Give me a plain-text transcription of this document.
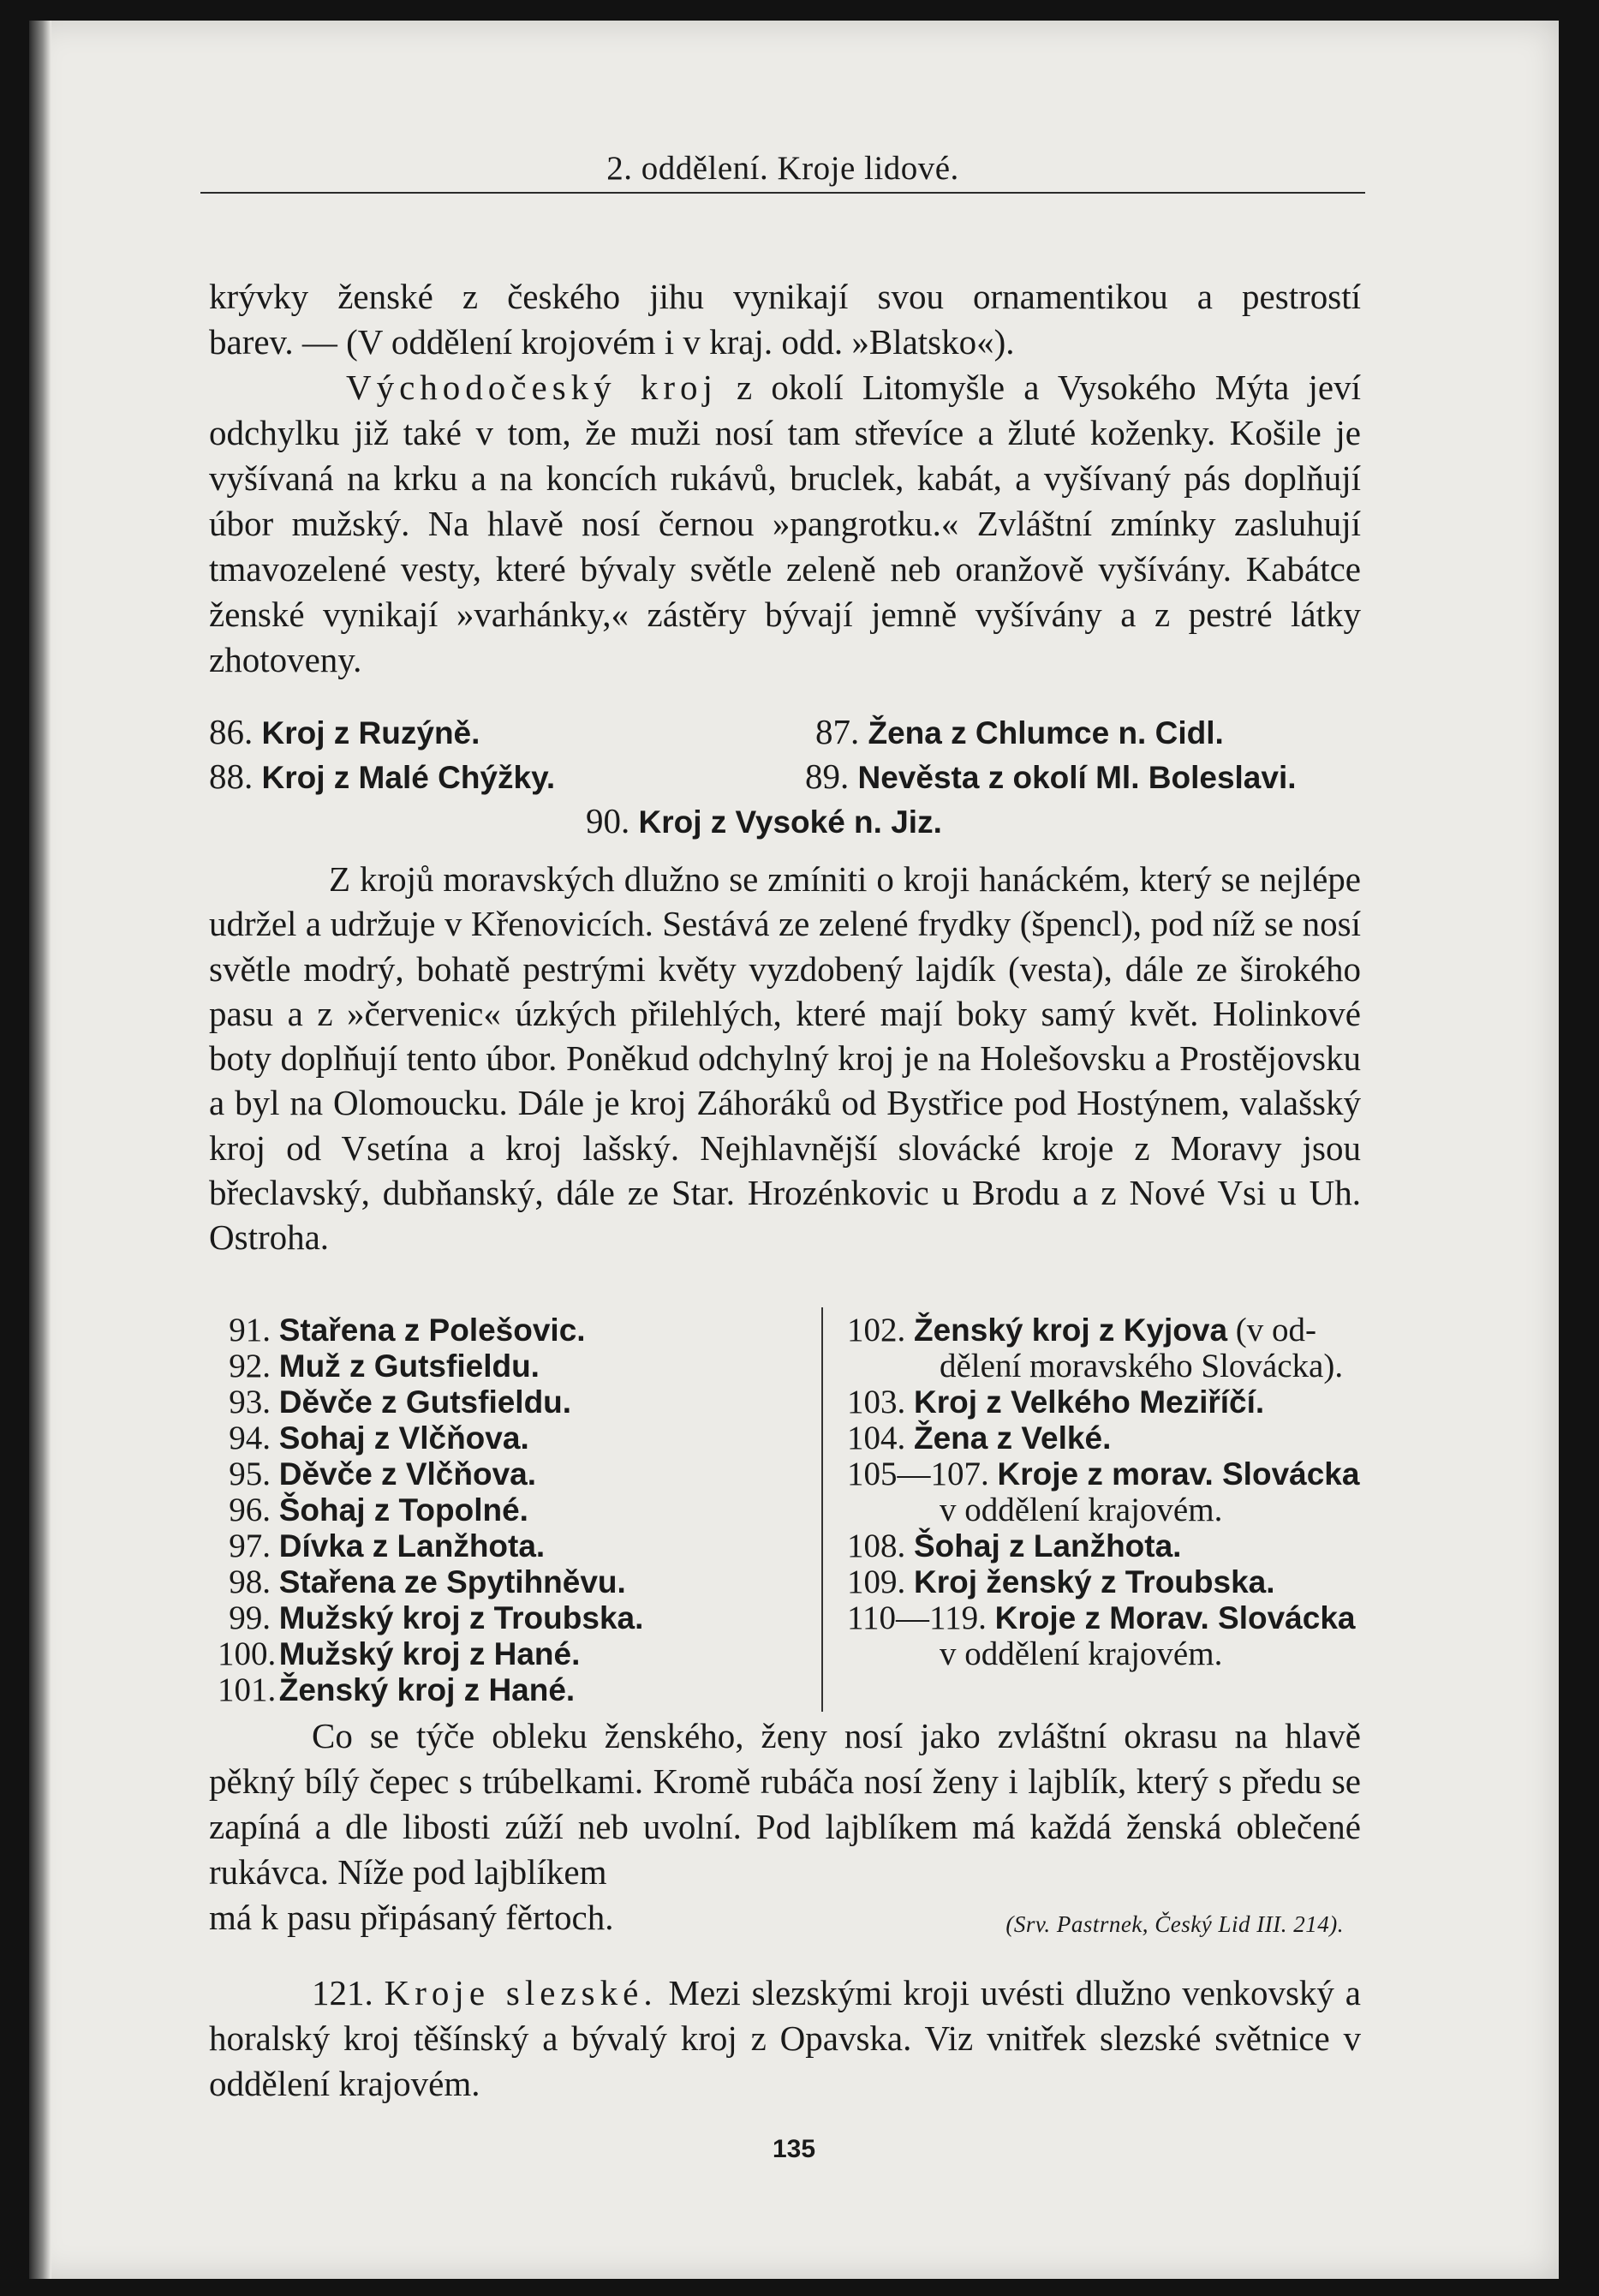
2. oddělení. Kroje lidové.
krývky ženské z českého jihu vynikají svou ornamentikou a pestrostí
barev. — (V oddělení krojovém i v kraj. odd. »Blatsko«).
Východočeský kroj z okolí Litomyšle a Vysokého Mýta jeví odchylku již také v tom, že muži nosí tam střevíce a žluté koženky. Košile je vyšívaná na krku a na koncích rukávů, bruclek, kabát, a vyšívaný pás doplňují úbor mužský. Na hlavě nosí černou »pangrotku.« Zvláštní zmínky zasluhují tmavozelené vesty, které bývaly světle zeleně neb oranžově vyšívány. Kabátce ženské vynikají »varhánky,« zástěry bývají jemně vyšívány a z pestré látky zhotoveny.
86. Kroj z Ruzýně.	87. Žena z Chlumce n. Cidl.
88. Kroj z Malé Chýžky.	89. Nevěsta z okolí Ml. Boleslavi.
90. Kroj z Vysoké n. Jiz.
Z krojů moravských dlužno se zmíniti o kroji hanáckém, který se nejlépe udržel a udržuje v Křenovicích. Sestává ze zelené frydky (špencl), pod níž se nosí světle modrý, bohatě pestrými květy vyzdobený lajdík (vesta), dále ze širokého pasu a z »červenic« úzkých přilehlých, které mají boky samý květ. Holinkové boty doplňují tento úbor. Poněkud odchylný kroj je na Holešovsku a Prostějovsku a byl na Olomoucku. Dále je kroj Záhoráků od Bystřice pod Hostýnem, valašský kroj od Vsetína a kroj lašský. Nejhlavnější slovácké kroje z Moravy jsou břeclavský, dubňanský, dále ze Star. Hrozénkovic u Brodu a z Nové Vsi u Uh. Ostroha.
91. Stařena z Polešovic.
92. Muž z Gutsfieldu.
93. Děvče z Gutsfieldu.
94. Sohaj z Vlčňova.
95. Děvče z Vlčňova.
96. Šohaj z Topolné.
97. Dívka z Lanžhota.
98. Stařena ze Spytihněvu.
99. Mužský kroj z Troubska.
100. Mužský kroj z Hané.
101. Ženský kroj z Hané.
102. Ženský kroj z Kyjova (v od-
dělení moravského Slovácka).
103. Kroj z Velkého Meziříčí.
104. Žena z Velké.
105—107. Kroje z morav. Slovácka
v oddělení krajovém.
108. Šohaj z Lanžhota.
109. Kroj ženský z Troubska.
110—119. Kroje z Morav. Slovácka
v oddělení krajovém.
Co se týče obleku ženského, ženy nosí jako zvláštní okrasu na hlavě pěkný bílý čepec s trúbelkami. Kromě rubáča nosí ženy i lajblík, který s předu se zapíná a dle libosti zúží neb uvolní. Pod lajblíkem má každá ženská oblečené rukávca. Níže pod lajblíkem
má k pasu připásaný fěrtoch.	(Srv. Pastrnek, Český Lid III. 214).
121. Kroje slezské. Mezi slezskými kroji uvésti dlužno venkovský a horalský kroj těšínský a bývalý kroj z Opavska. Viz vnitřek slezské světnice v oddělení krajovém.
135
